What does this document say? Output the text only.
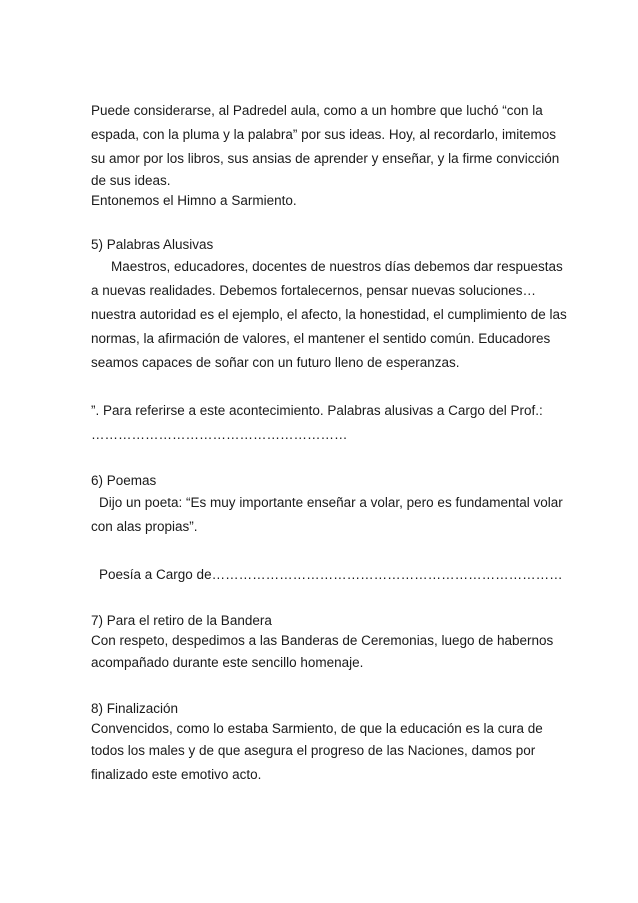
Puede considerarse, al Padredel aula, como a un hombre que luchó “con la
espada, con la pluma y la palabra” por sus ideas. Hoy, al recordarlo, imitemos
su amor por los libros, sus ansias de aprender y enseñar, y la firme convicción
de sus ideas.
Entonemos el Himno a Sarmiento.
5) Palabras Alusivas
Maestros, educadores, docentes de nuestros días debemos dar respuestas
a nuevas realidades. Debemos fortalecernos, pensar nuevas soluciones…
nuestra autoridad es el ejemplo, el afecto, la honestidad, el cumplimiento de las
normas, la afirmación de valores, el mantener el sentido común. Educadores
seamos capaces de soñar con un futuro lleno de esperanzas.
”. Para referirse a este acontecimiento. Palabras alusivas a Cargo del Prof.:
…………………………………………………
6) Poemas
Dijo un poeta: “Es muy importante enseñar a volar, pero es fundamental volar
con alas propias”.
Poesía a Cargo de……………………………………………………………………
7) Para el retiro de la Bandera
Con respeto, despedimos a las Banderas de Ceremonias, luego de habernos
acompañado durante este sencillo homenaje.
8) Finalización
Convencidos, como lo estaba Sarmiento, de que la educación es la cura de
todos los males y de que asegura el progreso de las Naciones, damos por
finalizado este emotivo acto.
